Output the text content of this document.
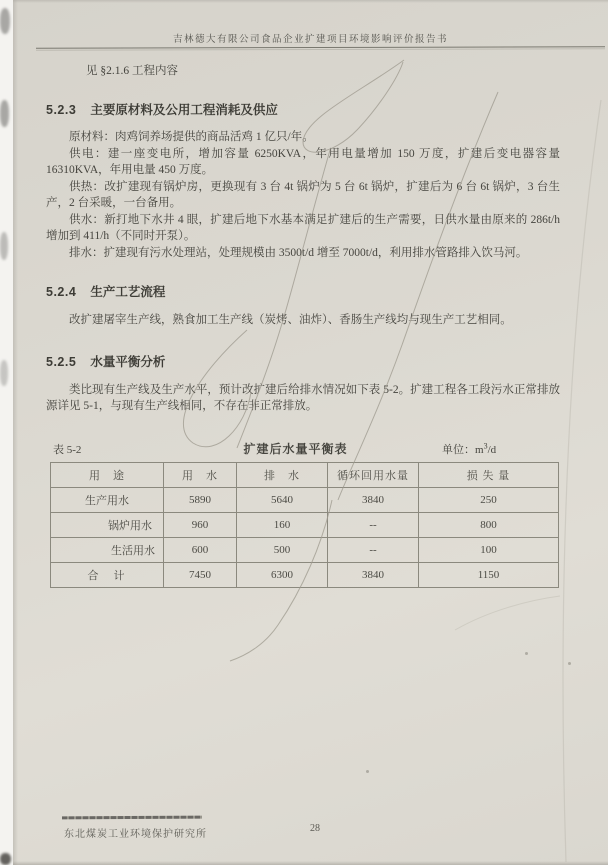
吉林德大有限公司食品企业扩建项目环境影响评价报告书
见 §2.1.6 工程内容
5.2.3 主要原材料及公用工程消耗及供应

原材料：肉鸡饲养场提供的商品活鸡 1 亿只/年。

供电：建一座变电所，增加容量 6250KVA，年用电量增加 150 万度，扩建后变电器容量 16310KVA，年用电量 450 万度。

供热：改扩建现有锅炉房，更换现有 3 台 4t 锅炉为 5 台 6t 锅炉，扩建后为 6 台 6t 锅炉，3 台生产，2 台采暖，一台备用。

供水：新打地下水井 4 眼，扩建后地下水基本满足扩建后的生产需要，日供水量由原来的 286t/h 增加到 411/h（不同时开泵）。

排水：扩建现有污水处理站，处理规模由 3500t/d 增至 7000t/d，利用排水管路排入饮马河。

5.2.4 生产工艺流程

改扩建屠宰生产线，熟食加工生产线（炭烤、油炸）、香肠生产线均与现生产工艺相同。

5.2.5 水量平衡分析

类比现有生产线及生产水平，预计改扩建后给排水情况如下表 5-2。扩建工程各工段污水正常排放源详见 5-1，与现有生产线相同，不存在非正常排放。

表 5-2	扩建后水量平衡表	单位：$m^3/d$
用　途	用　水	排　水	循环回用水量	损 失 量
生产用水	5890	5640	3840	250
锅炉用水	960	160	--	800
生活用水	600	500	--	100
合　计	7450	6300	3840	1150
东北煤炭工业环境保护研究所
28
